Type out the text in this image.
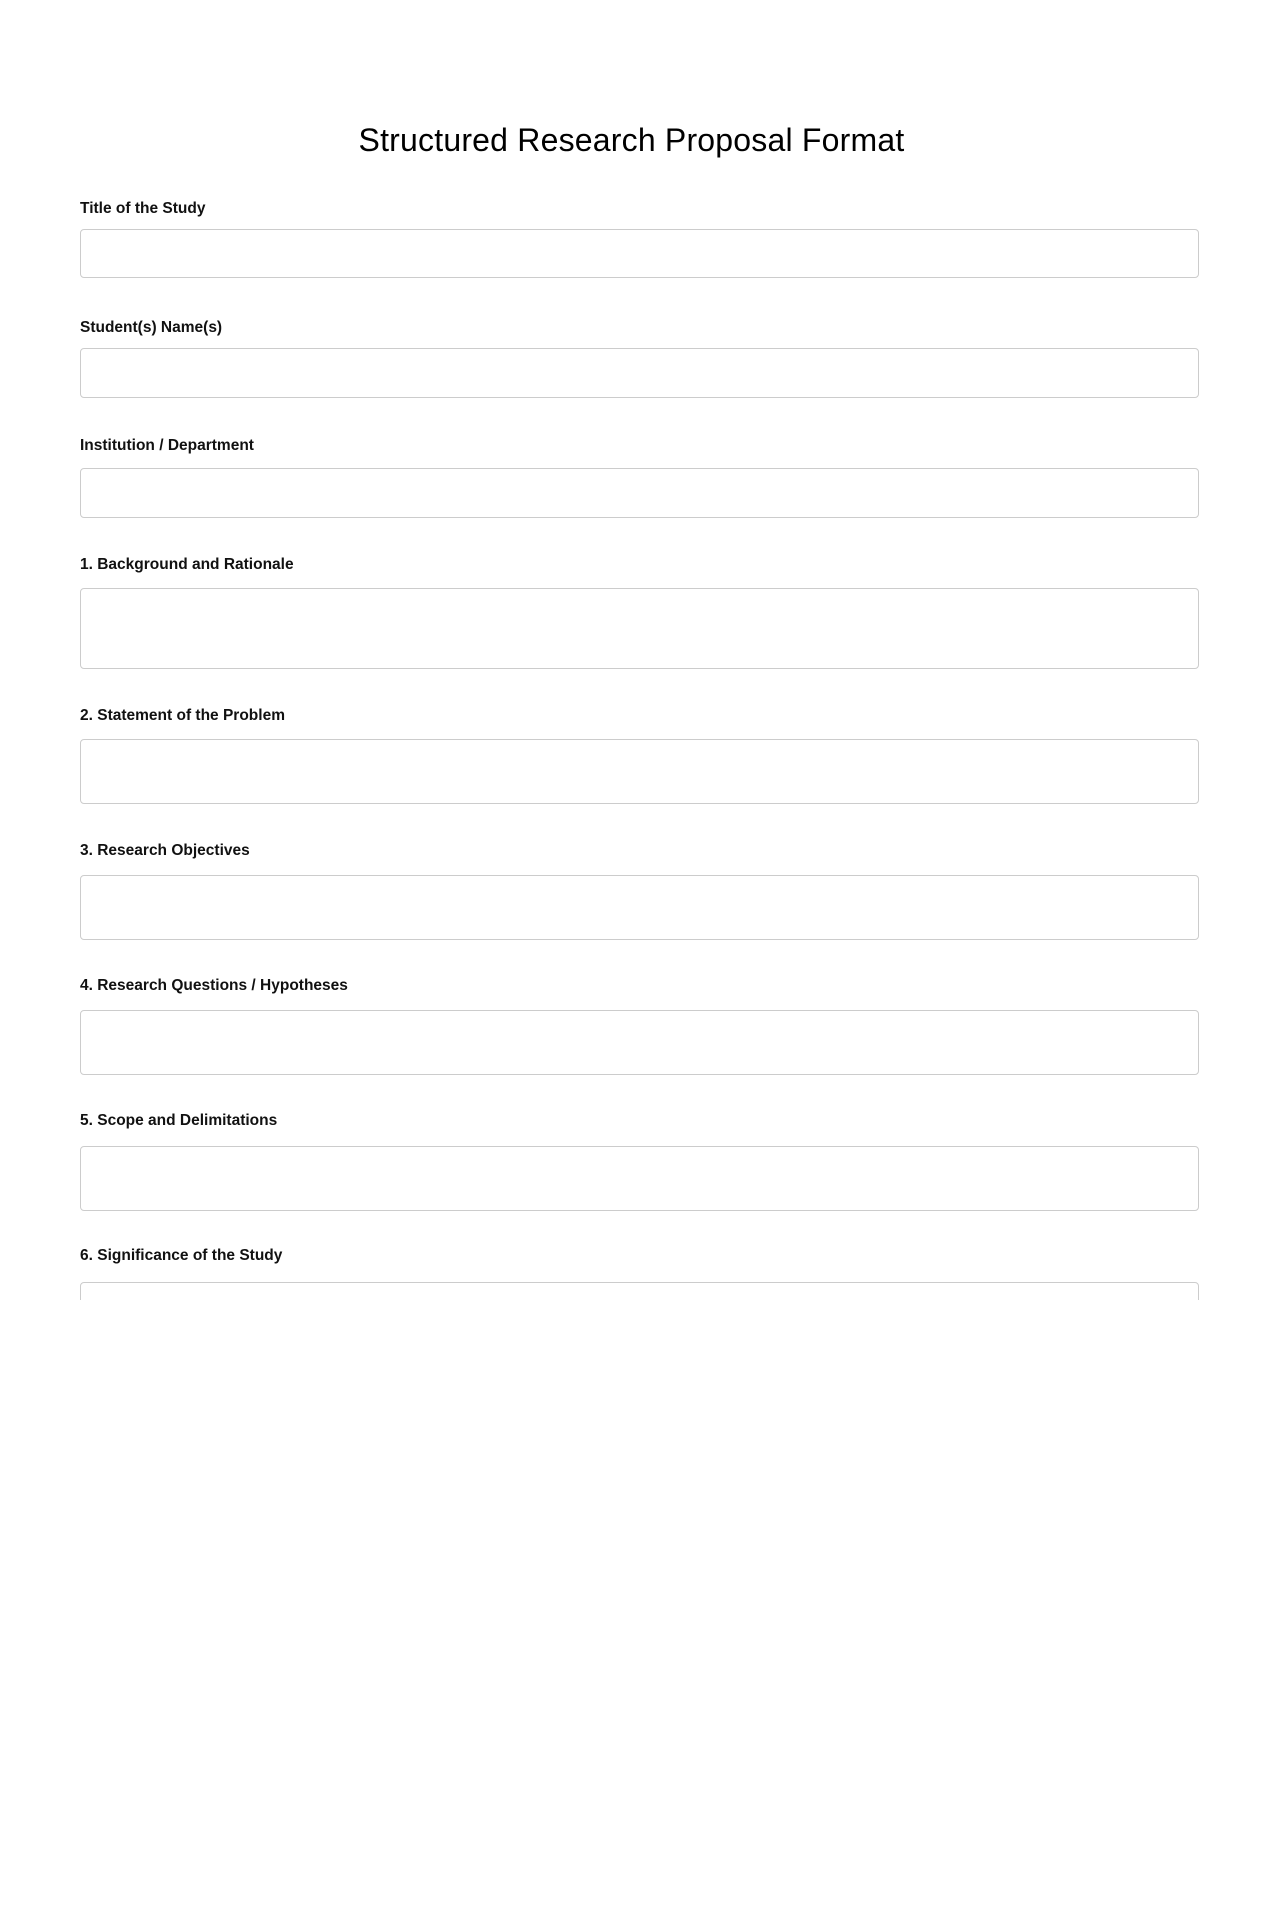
Structured Research Proposal Format
Title of the Study
Student(s) Name(s)
Institution / Department
1. Background and Rationale
2. Statement of the Problem
3. Research Objectives
4. Research Questions / Hypotheses
5. Scope and Delimitations
6. Significance of the Study
